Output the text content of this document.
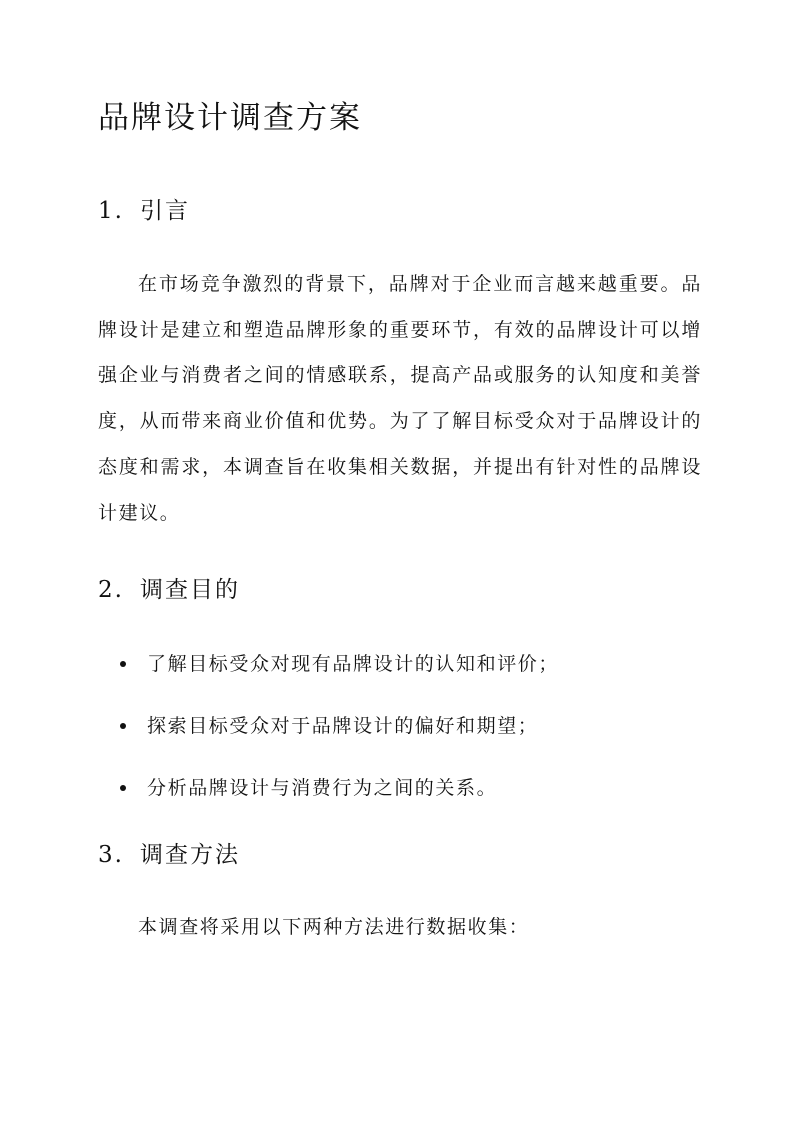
品牌设计调查方案
1. 引言

在市场竞争激烈的背景下，品牌对于企业而言越来越重要。品牌设计是建立和塑造品牌形象的重要环节，有效的品牌设计可以增强企业与消费者之间的情感联系，提高产品或服务的认知度和美誉度，从而带来商业价值和优势。为了了解目标受众对于品牌设计的态度和需求，本调查旨在收集相关数据，并提出有针对性的品牌设计建议。

2. 调查目的
了解目标受众对现有品牌设计的认知和评价；
探索目标受众对于品牌设计的偏好和期望；
分析品牌设计与消费行为之间的关系。
3. 调查方法

本调查将采用以下两种方法进行数据收集：
